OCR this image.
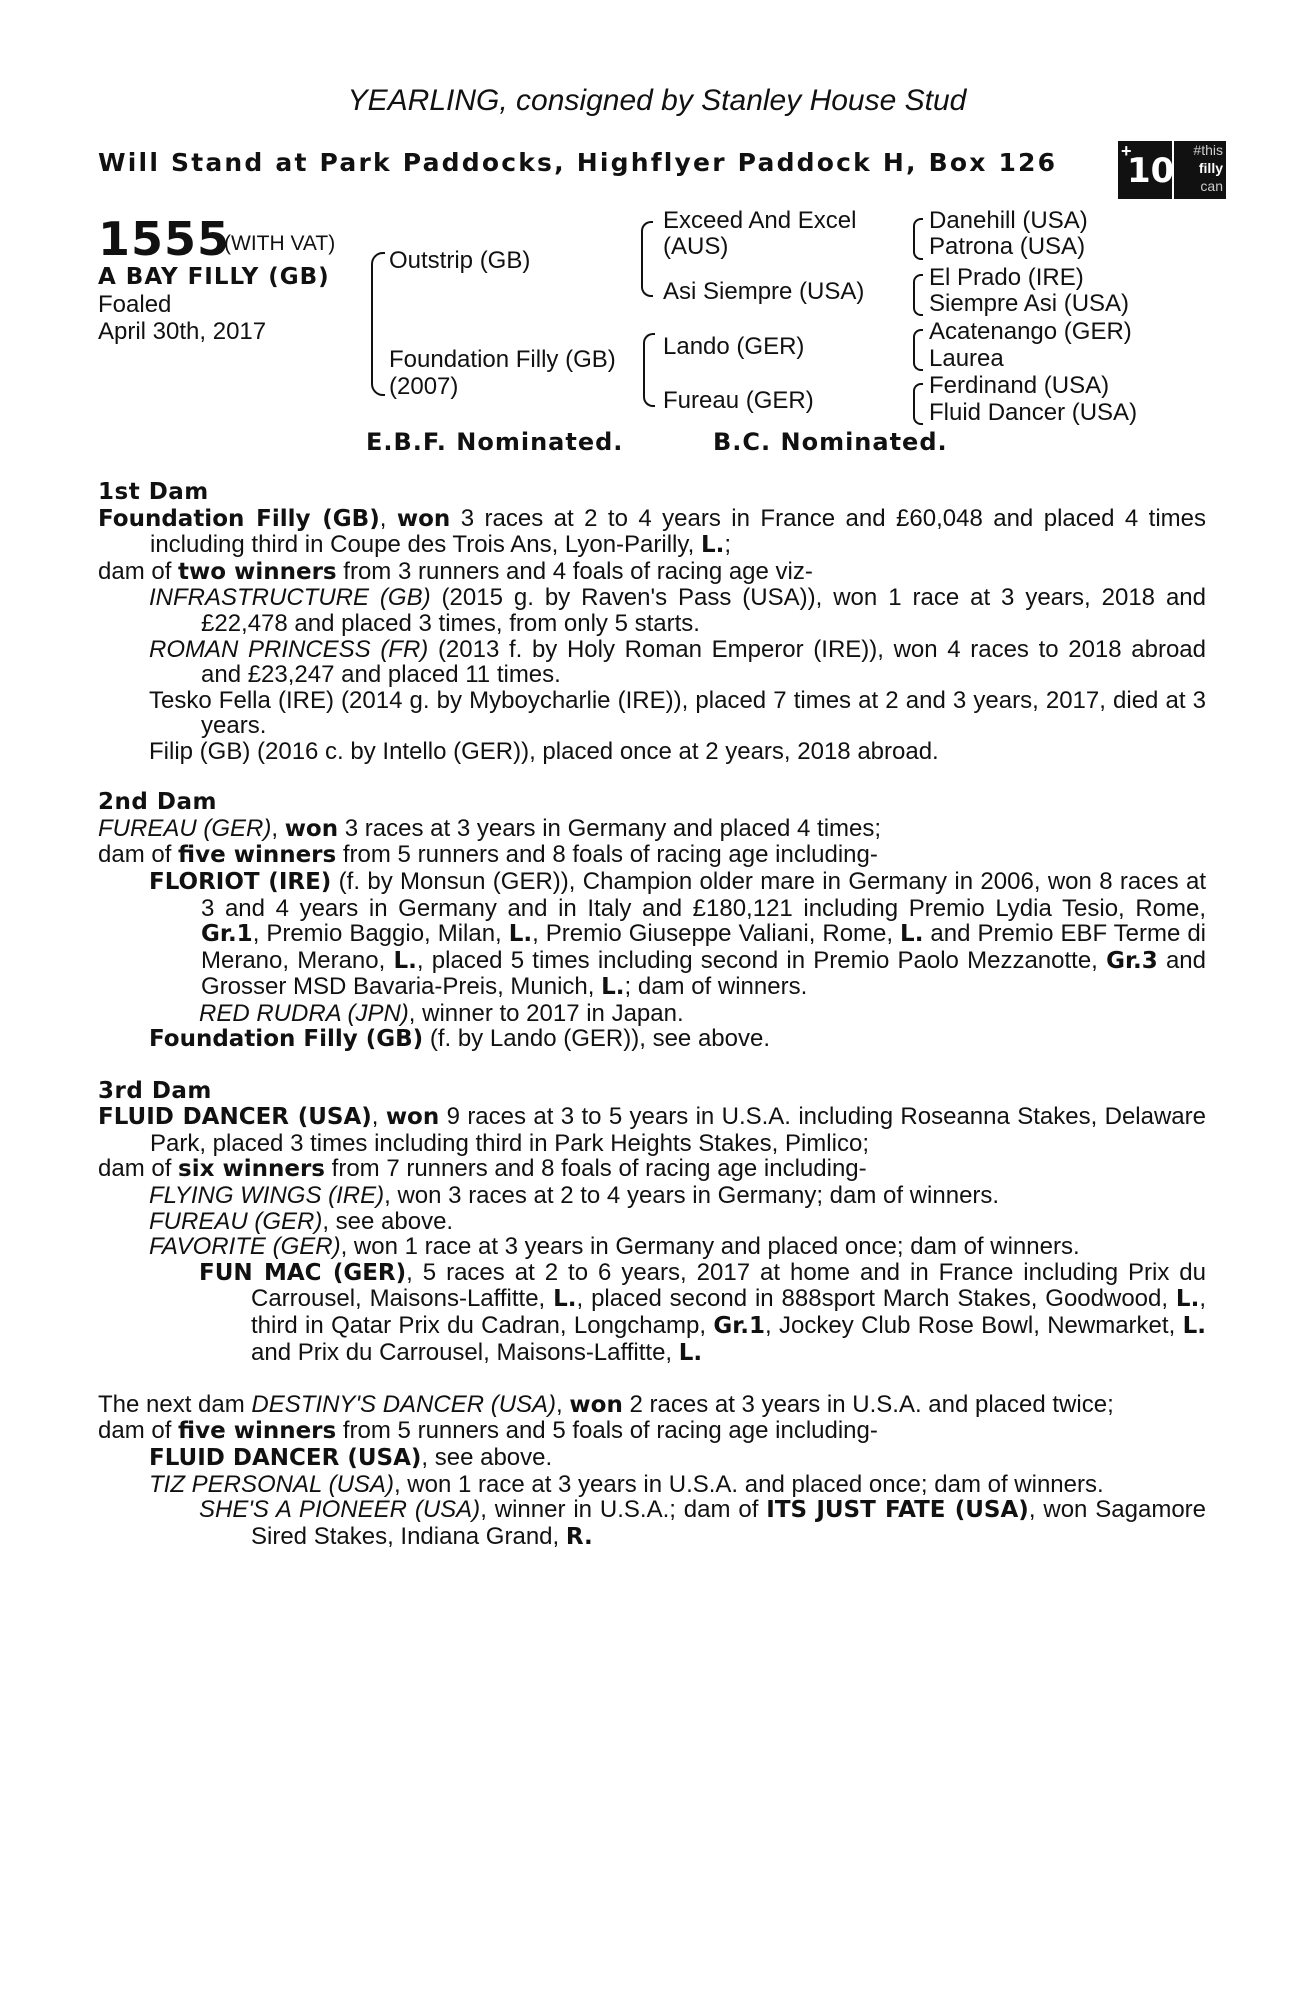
YEARLING, consigned by Stanley House Stud
Will Stand at Park Paddocks, Highflyer Paddock H, Box 126	+
10
#this
filly
can
1555
(WITH VAT)
A BAY FILLY (GB)
Foaled
April 30th, 2017
Outstrip (GB)
Foundation Filly (GB)
(2007)
Exceed And Excel
(AUS)
Asi Siempre (USA)
Lando (GER)
Fureau (GER)
Danehill (USA)
Patrona (USA)
El Prado (IRE)
Siempre Asi (USA)
Acatenango (GER)
Laurea
Ferdinand (USA)
Fluid Dancer (USA)
E.B.F. Nominated.	B.C. Nominated.

1st Dam

Foundation Filly (GB), won 3 races at 2 to 4 years in France and £60,048 and placed 4 times including third in Coupe des Trois Ans, Lyon-Parilly, L.;

dam of two winners from 3 runners and 4 foals of racing age viz-

INFRASTRUCTURE (GB) (2015 g. by Raven's Pass (USA)), won 1 race at 3 years, 2018 and £22,478 and placed 3 times, from only 5 starts.

ROMAN PRINCESS (FR) (2013 f. by Holy Roman Emperor (IRE)), won 4 races to 2018 abroad and £23,247 and placed 11 times.

Tesko Fella (IRE) (2014 g. by Myboycharlie (IRE)), placed 7 times at 2 and 3 years, 2017, died at 3 years.

Filip (GB) (2016 c. by Intello (GER)), placed once at 2 years, 2018 abroad.

2nd Dam

FUREAU (GER), won 3 races at 3 years in Germany and placed 4 times;

dam of five winners from 5 runners and 8 foals of racing age including-

FLORIOT (IRE) (f. by Monsun (GER)), Champion older mare in Germany in 2006, won 8 races at 3 and 4 years in Germany and in Italy and £180,121 including Premio Lydia Tesio, Rome, Gr.1, Premio Baggio, Milan, L., Premio Giuseppe Valiani, Rome, L. and Premio EBF Terme di Merano, Merano, L., placed 5 times including second in Premio Paolo Mezzanotte, Gr.3 and Grosser MSD Bavaria-Preis, Munich, L.; dam of winners.

RED RUDRA (JPN), winner to 2017 in Japan.

Foundation Filly (GB) (f. by Lando (GER)), see above.

3rd Dam

FLUID DANCER (USA), won 9 races at 3 to 5 years in U.S.A. including Roseanna Stakes, Delaware Park, placed 3 times including third in Park Heights Stakes, Pimlico;

dam of six winners from 7 runners and 8 foals of racing age including-

FLYING WINGS (IRE), won 3 races at 2 to 4 years in Germany; dam of winners.

FUREAU (GER), see above.

FAVORITE (GER), won 1 race at 3 years in Germany and placed once; dam of winners.

FUN MAC (GER), 5 races at 2 to 6 years, 2017 at home and in France including Prix du Carrousel, Maisons-Laffitte, L., placed second in 888sport March Stakes, Goodwood, L., third in Qatar Prix du Cadran, Longchamp, Gr.1, Jockey Club Rose Bowl, Newmarket, L. and Prix du Carrousel, Maisons-Laffitte, L.

The next dam DESTINY'S DANCER (USA), won 2 races at 3 years in U.S.A. and placed twice;

dam of five winners from 5 runners and 5 foals of racing age including-

FLUID DANCER (USA), see above.

TIZ PERSONAL (USA), won 1 race at 3 years in U.S.A. and placed once; dam of winners.

SHE'S A PIONEER (USA), winner in U.S.A.; dam of ITS JUST FATE (USA), won Sagamore Sired Stakes, Indiana Grand, R.
